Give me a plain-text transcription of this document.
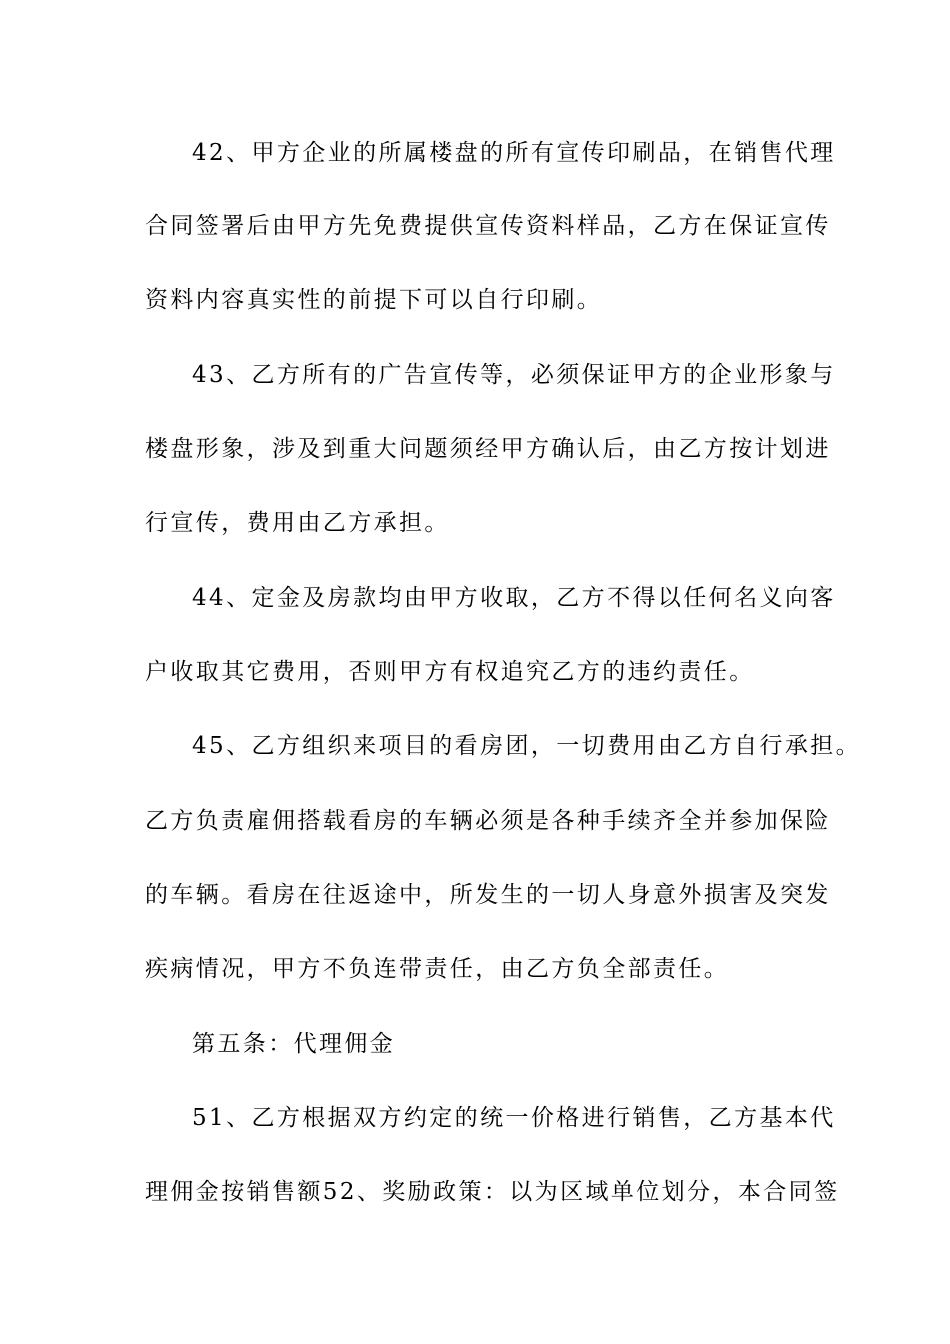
42、甲方企业的所属楼盘的所有宣传印刷品，在销售代理
合同签署后由甲方先免费提供宣传资料样品，乙方在保证宣传
资料内容真实性的前提下可以自行印刷。
43、乙方所有的广告宣传等，必须保证甲方的企业形象与
楼盘形象，涉及到重大问题须经甲方确认后，由乙方按计划进
行宣传，费用由乙方承担。
44、定金及房款均由甲方收取，乙方不得以任何名义向客
户收取其它费用，否则甲方有权追究乙方的违约责任。
45、乙方组织来项目的看房团，一切费用由乙方自行承担。
乙方负责雇佣搭载看房的车辆必须是各种手续齐全并参加保险
的车辆。看房在往返途中，所发生的一切人身意外损害及突发
疾病情况，甲方不负连带责任，由乙方负全部责任。
第五条：代理佣金
51、乙方根据双方约定的统一价格进行销售，乙方基本代
理佣金按销售额52、奖励政策：以为区域单位划分，本合同签
